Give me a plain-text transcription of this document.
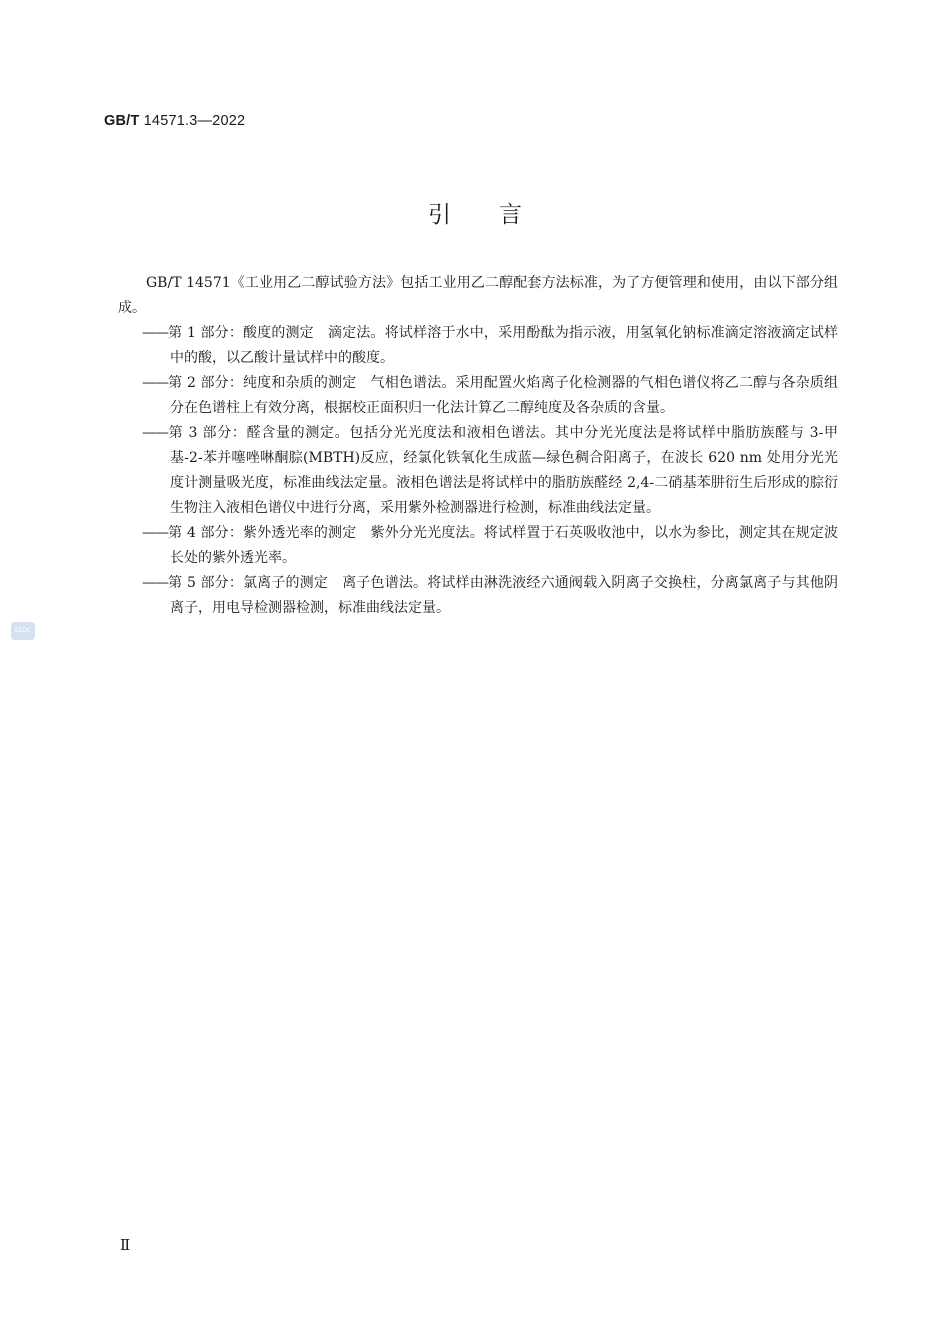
GB/T 14571.3—2022
引言

GB/T 14571《工业用乙二醇试验方法》包括工业用乙二醇配套方法标准，为了方便管理和使用，由以下部分组成。

——第 1 部分：酸度的测定　滴定法。将试样溶于水中，采用酚酞为指示液，用氢氧化钠标准滴定溶液滴定试样中的酸，以乙酸计量试样中的酸度。
——第 2 部分：纯度和杂质的测定　气相色谱法。采用配置火焰离子化检测器的气相色谱仪将乙二醇与各杂质组分在色谱柱上有效分离，根据校正面积归一化法计算乙二醇纯度及各杂质的含量。
——第 3 部分：醛含量的测定。包括分光光度法和液相色谱法。其中分光光度法是将试样中脂肪族醛与 3-甲基-2-苯并噻唑啉酮腙(MBTH)反应，经氯化铁氧化生成蓝—绿色稠合阳离子，在波长 620 nm 处用分光光度计测量吸光度，标准曲线法定量。液相色谱法是将试样中的脂肪族醛经 2,4-二硝基苯肼衍生后形成的腙衍生物注入液相色谱仪中进行分离，采用紫外检测器进行检测，标准曲线法定量。
——第 4 部分：紫外透光率的测定　紫外分光光度法。将试样置于石英吸收池中，以水为参比，测定其在规定波长处的紫外透光率。
——第 5 部分：氯离子的测定　离子色谱法。将试样由淋洗液经六通阀载入阴离子交换柱，分离氯离子与其他阴离子，用电导检测器检测，标准曲线法定量。
SZDC
Ⅱ
